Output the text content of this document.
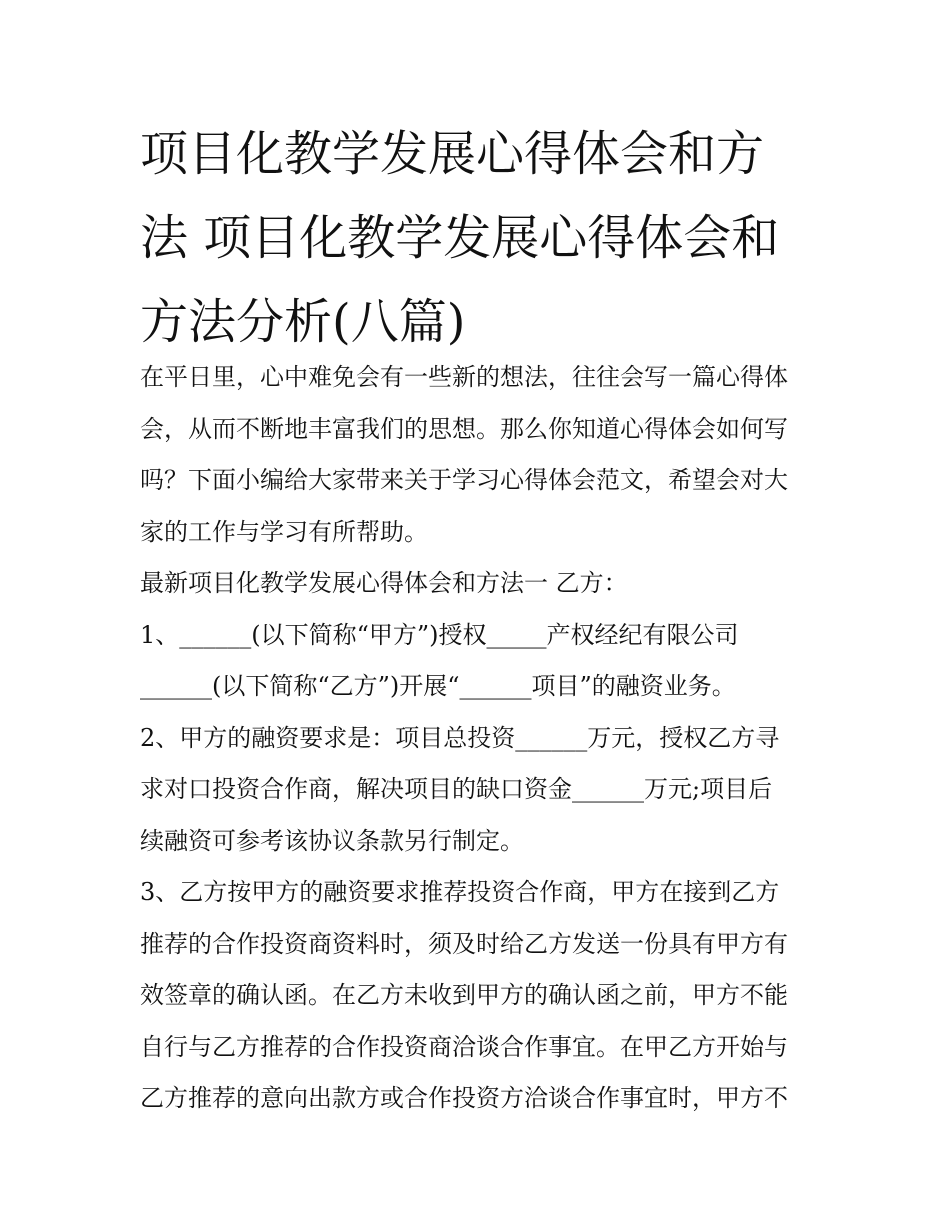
项目化教学发展心得体会和方
法 项目化教学发展心得体会和
方法分析(八篇)
在平日里，心中难免会有一些新的想法，往往会写一篇心得体
会，从而不断地丰富我们的思想。那么你知道心得体会如何写
吗？下面小编给大家带来关于学习心得体会范文，希望会对大
家的工作与学习有所帮助。
最新项目化教学发展心得体会和方法一 乙方：
1、______(以下简称“甲方”)授权_____产权经纪有限公司
______(以下简称“乙方”)开展“______项目”的融资业务。
2、甲方的融资要求是：项目总投资______万元，授权乙方寻
求对口投资合作商，解决项目的缺口资金______万元;项目后
续融资可参考该协议条款另行制定。
3、乙方按甲方的融资要求推荐投资合作商，甲方在接到乙方
推荐的合作投资商资料时，须及时给乙方发送一份具有甲方有
效签章的确认函。在乙方未收到甲方的确认函之前，甲方不能
自行与乙方推荐的合作投资商洽谈合作事宜。在甲乙方开始与
乙方推荐的意向出款方或合作投资方洽谈合作事宜时，甲方不
